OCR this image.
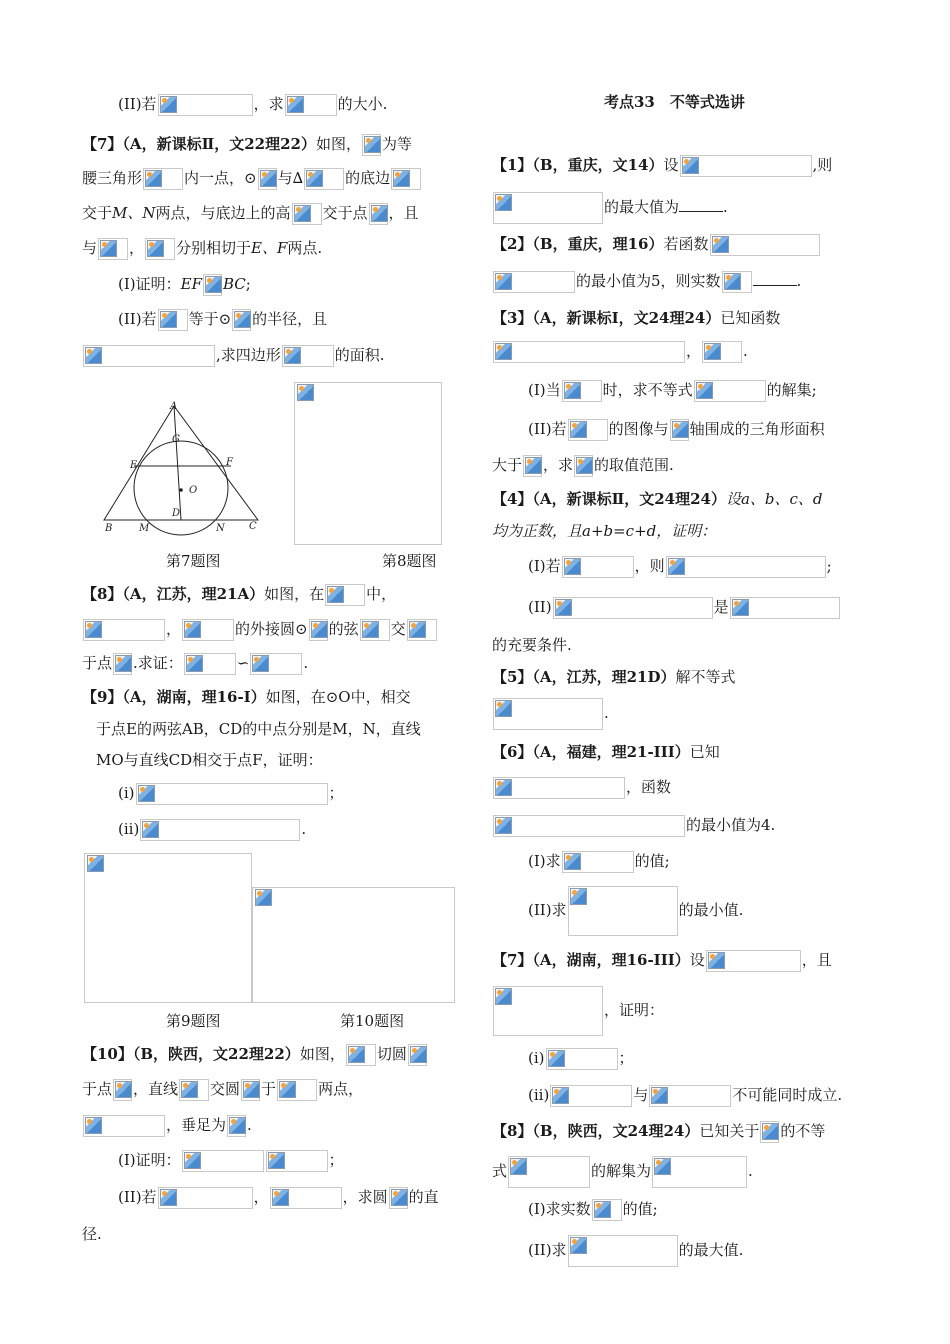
(II)若	，求	的大小.
【7】（A，新课标Ⅱ，文22理22）如图， 为等
腰三角形	内一点，⊙ 与∆	的底边
交于M、N两点，与底边上的高 交于点 ，且
与 ， 分别相切于E、F两点.
(I)证明：EF BC;
(II)若 等于⊙ 的半径，且
,求四边形	的面积.
A
G
E	F
O
D
B	M	N C
第7题图	第8题图
【8】（A，江苏，理21A）如图，在	中，
，	的外接圆⊙ 的弦 交
于点 .求证：	∽	.
【9】（A，湖南，理16-I）如图，在⊙O中，相交
于点E的两弦AB，CD的中点分别是M，N，直线
MO与直线CD相交于点F，证明：
(i)	；
(ii)	.
第9题图	第10题图
【10】（B，陕西，文22理22）如图， 切圆
于点 ，直线 交圆 于	两点，
，垂足为 .
(I)证明：	；
(II)若	，	，求圆 的直
径.
考点33　不等式选讲
【1】（B，重庆，文14）设	,则
的最大值为	.
【2】（B，重庆，理16）若函数
的最小值为5，则实数	.
【3】（A，新课标Ⅰ，文24理24）已知函数
，	.
(I)当	时，求不等式	的解集;
(II)若	的图像与 轴围成的三角形面积
大于 ，求 的取值范围.
【4】（A，新课标Ⅱ，文24理24）设a、b、c、d
均为正数，且a+b=c+d，证明：
(I)若	，则	;
(II)	是
的充要条件.
【5】（A，江苏，理21D）解不等式
.
【6】（A，福建，理21-III）已知
，函数
的最小值为4.
(I)求	的值;
(II)求	的最小值.
【7】（A，湖南，理16-III）设	，且
，证明：
(i)	；
(ii)	与	不可能同时成立.
【8】（B，陕西，文24理24）已知关于 的不等
式	的解集为	.
(I)求实数 的值;
(II)求	的最大值.
